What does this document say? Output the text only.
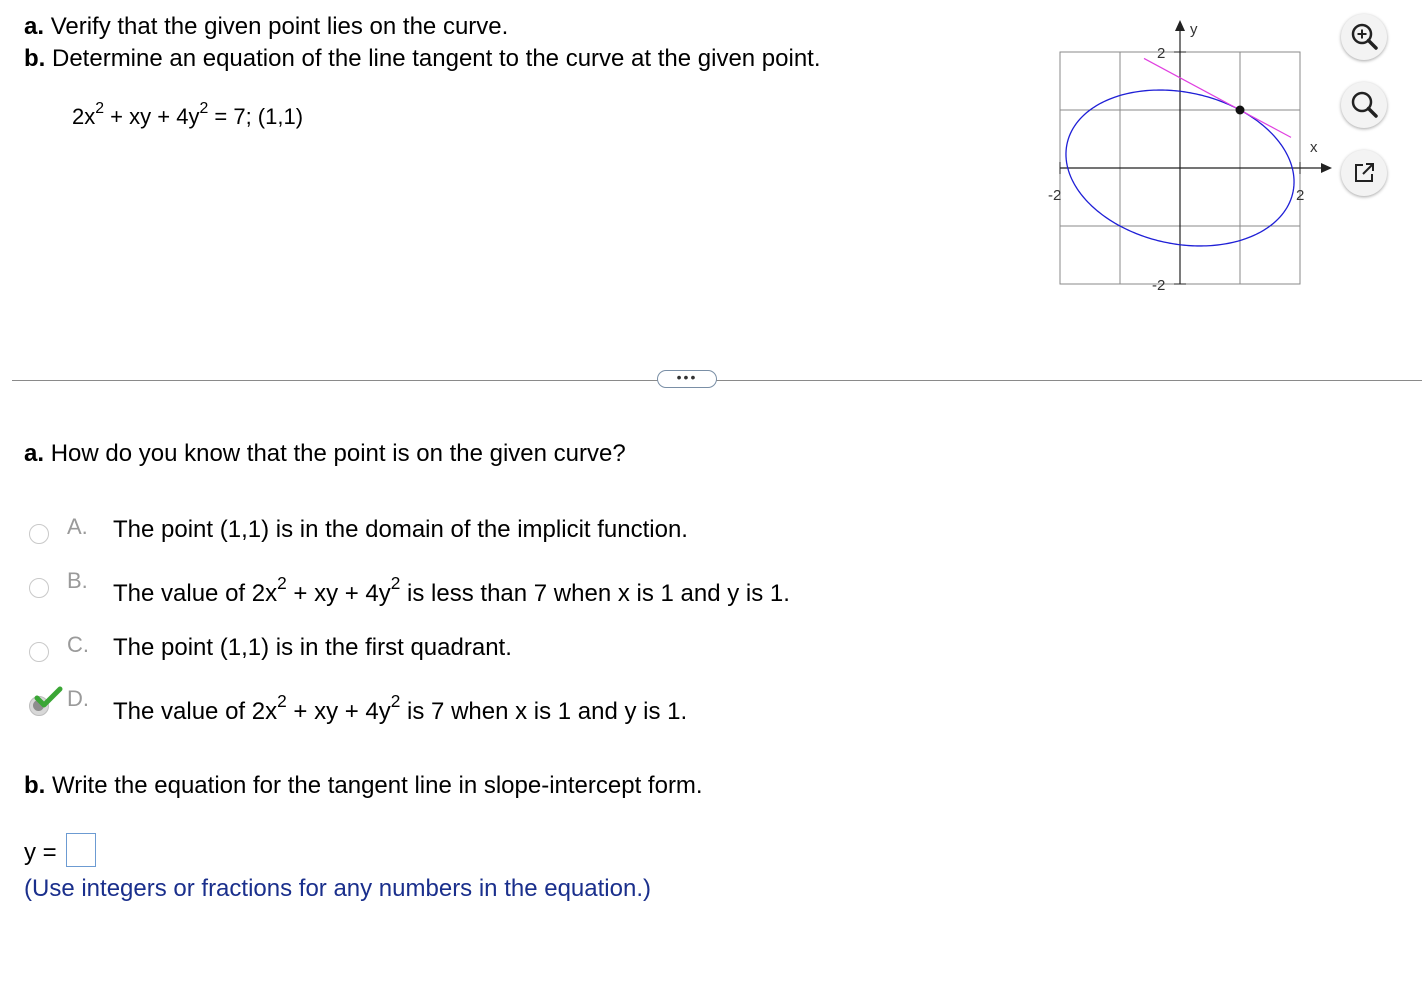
a. Verify that the given point lies on the curve.
b. Determine an equation of the line tangent to the curve at the given point.
$2x^2$ + xy + $4y^2 = 7$; (1,1)
y
x
2
-2
-2	2
•••
a. How do you know that the point is on the given curve?
A. The point (1,1) is in the domain of the implicit function.
B. The value of $2x^2$ + xy + $4y^2$ is less than 7 when x is 1 and y is 1.
C. The point (1,1) is in the first quadrant.
D. The value of $2x^2$ + xy + $4y^2$ is 7 when x is 1 and y is 1.
b. Write the equation for the tangent line in slope-intercept form.
y =
(Use integers or fractions for any numbers in the equation.)
